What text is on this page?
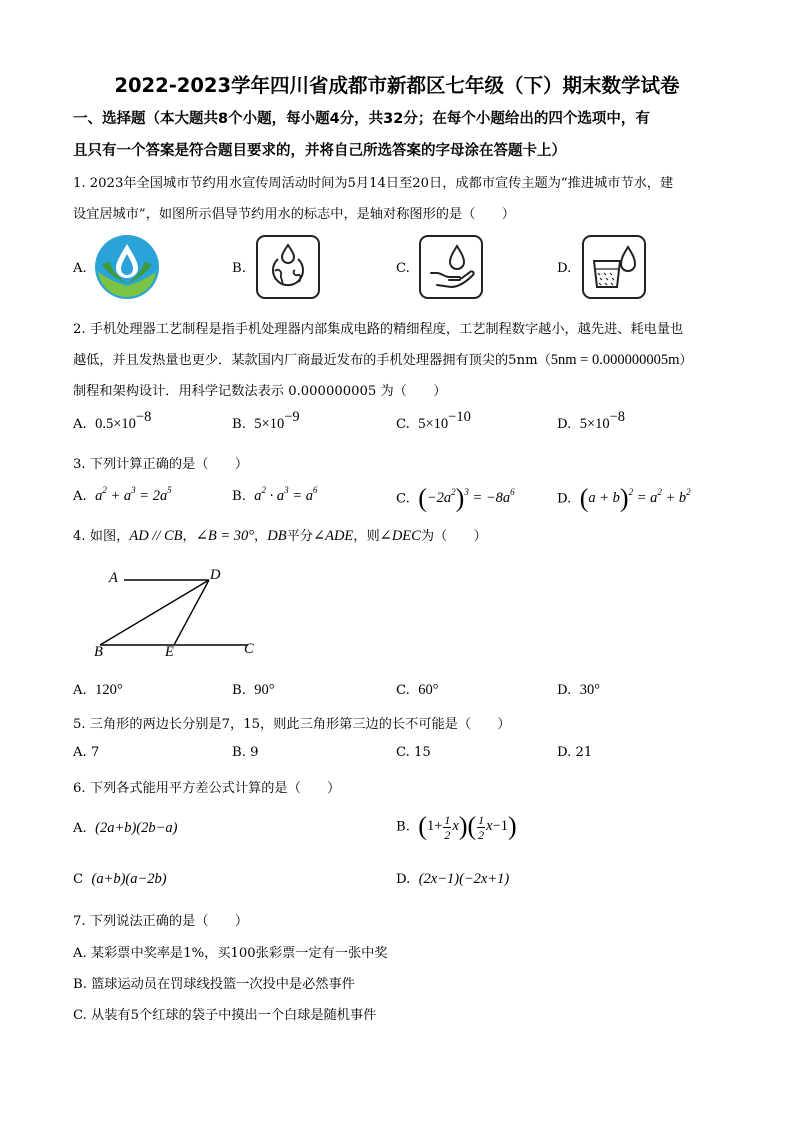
2022-2023学年四川省成都市新都区七年级（下）期末数学试卷
一、选择题（本大题共8个小题，每小题4分，共32分；在每个小题给出的四个选项中，有
且只有一个答案是符合题目要求的，并将自己所选答案的字母涂在答题卡上）
1. 2023年全国城市节约用水宣传周活动时间为5月14日至20日，成都市宣传主题为“推进城市节水，建
设宜居城市”，如图所示倡导节约用水的标志中，是轴对称图形的是（　　）
A.	B.	C.	D.
2. 手机处理器工艺制程是指手机处理器内部集成电路的精细程度，工艺制程数字越小，越先进、耗电量也
越低，并且发热量也更少．某款国内厂商最近发布的手机处理器拥有顶尖的5nm（5nm = 0.000000005m）
制程和架构设计．用科学记数法表示 0.000000005 为（　　）
A. $0.5\times 10^{-8}$	B. $5\times 10^{-9}$	C. $5\times 10^{-10}$	D. $5\times 10^{-8}$
3. 下列计算正确的是（　　）
A. $a^2 + a^3 = 2a^5$	B. $a^2 \cdot a^3 = a^6$
C. $(-2a^2)^3 = -8a^6$	D. $(a + b)^2 = a^2 + b^2$
4. 如图，AD // CB，∠B = 30°，DB平分∠ADE，则∠DEC为（　　）
A	D
B	E	C
A. 120°	B. 90°	C. 60°	D. 30°
5. 三角形的两边长分别是7，15，则此三角形第三边的长不可能是（　　）
A. 7	B. 9	C. 15	D. 21
6. 下列各式能用平方差公式计算的是（　　）
A. (2a+b)(2b−a)	B. $(1+ \frac{1}{2} x)( \frac{1}{2} x-1)$
C (a+b)(a−2b)	D. (2x−1)(−2x+1)
7. 下列说法正确的是（　　）
A. 某彩票中奖率是1%，买100张彩票一定有一张中奖
B. 篮球运动员在罚球线投篮一次投中是必然事件
C. 从装有5个红球的袋子中摸出一个白球是随机事件
